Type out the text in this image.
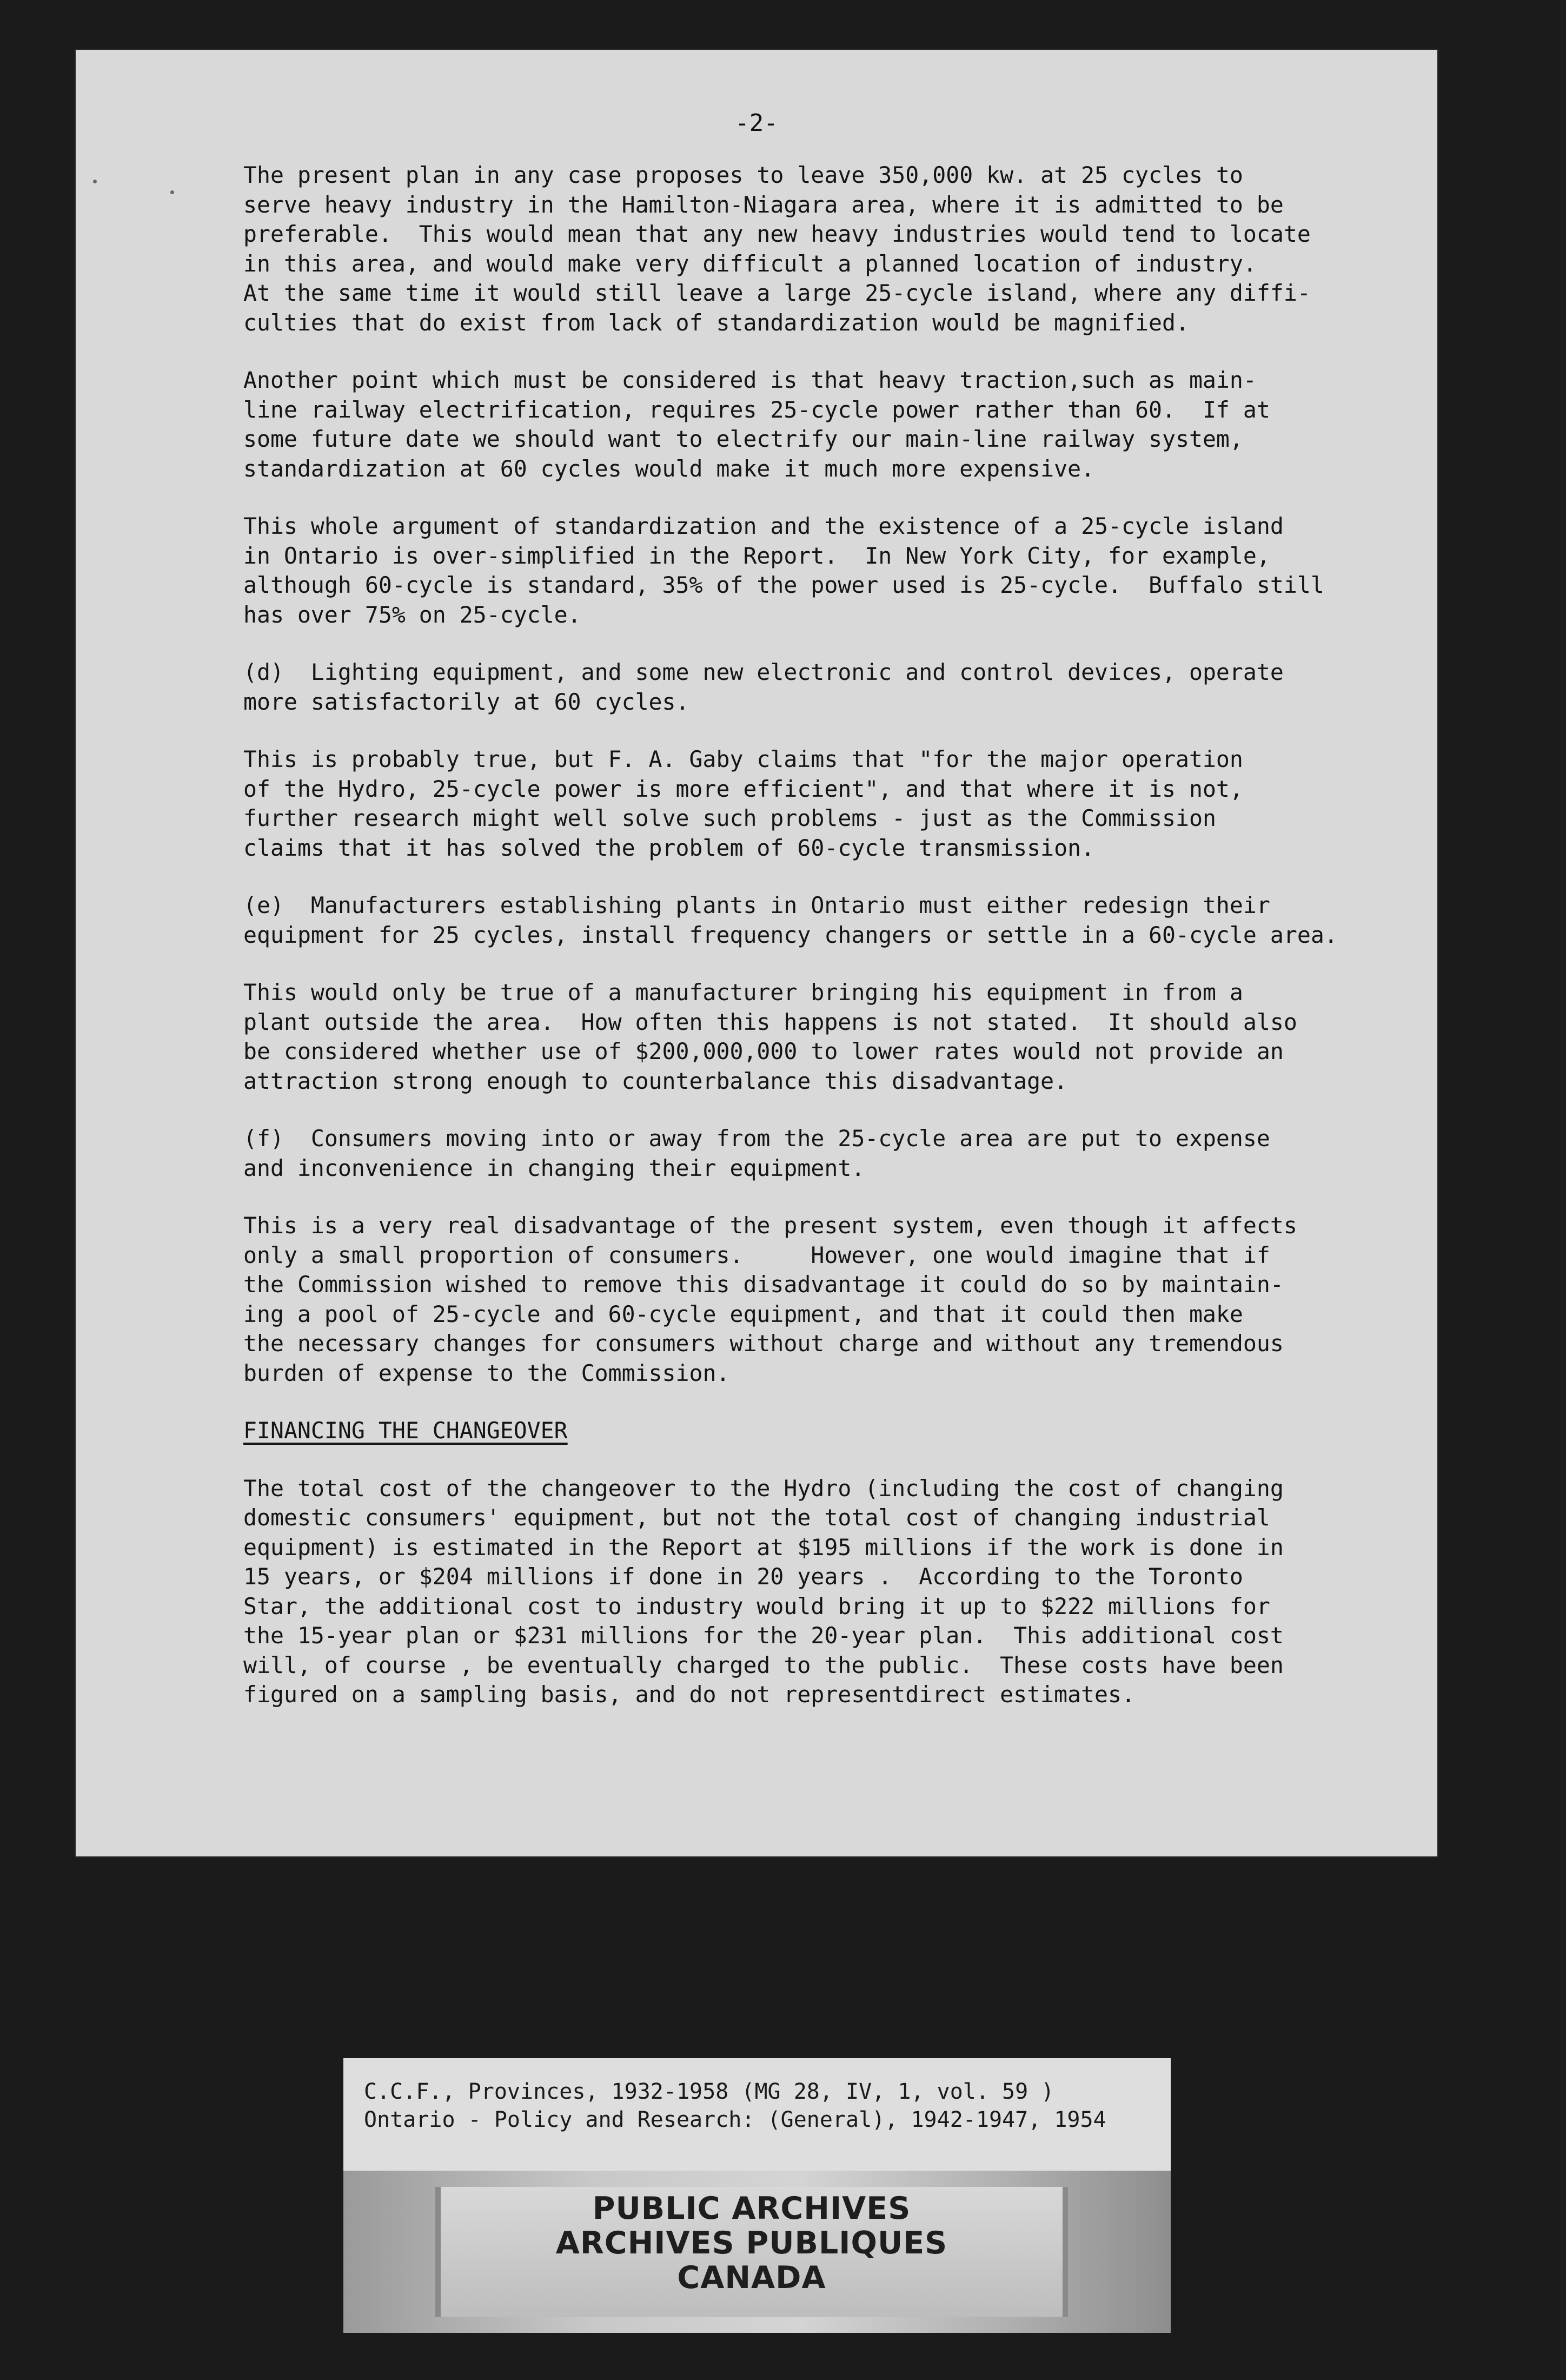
-2-
The present plan in any case proposes to leave 350,000 kw. at 25 cycles to
serve heavy industry in the Hamilton-Niagara area, where it is admitted to be
preferable.  This would mean that any new heavy industries would tend to locate
in this area, and would make very difficult a planned location of industry.
At the same time it would still leave a large 25-cycle island, where any diffi-
culties that do exist from lack of standardization would be magnified.
Another point which must be considered is that heavy traction,such as main-
line railway electrification, requires 25-cycle power rather than 60.  If at
some future date we should want to electrify our main-line railway system,
standardization at 60 cycles would make it much more expensive.
This whole argument of standardization and the existence of a 25-cycle island
in Ontario is over-simplified in the Report.  In New York City, for example,
although 60-cycle is standard, 35% of the power used is 25-cycle.  Buffalo still
has over 75% on 25-cycle.
(d)  Lighting equipment, and some new electronic and control devices, operate
more satisfactorily at 60 cycles.
This is probably true, but F. A. Gaby claims that "for the major operation
of the Hydro, 25-cycle power is more efficient", and that where it is not,
further research might well solve such problems - just as the Commission
claims that it has solved the problem of 60-cycle transmission.
(e)  Manufacturers establishing plants in Ontario must either redesign their
equipment for 25 cycles, install frequency changers or settle in a 60-cycle area.
This would only be true of a manufacturer bringing his equipment in from a
plant outside the area.  How often this happens is not stated.  It should also
be considered whether use of $200,000,000 to lower rates would not provide an
attraction strong enough to counterbalance this disadvantage.
(f)  Consumers moving into or away from the 25-cycle area are put to expense
and inconvenience in changing their equipment.
This is a very real disadvantage of the present system, even though it affects
only a small proportion of consumers.     However, one would imagine that if
the Commission wished to remove this disadvantage it could do so by maintain-
ing a pool of 25-cycle and 60-cycle equipment, and that it could then make
the necessary changes for consumers without charge and without any tremendous
burden of expense to the Commission.
FINANCING THE CHANGEOVER
The total cost of the changeover to the Hydro (including the cost of changing
domestic consumers' equipment, but not the total cost of changing industrial
equipment) is estimated in the Report at $195 millions if the work is done in
15 years, or $204 millions if done in 20 years .  According to the Toronto
Star, the additional cost to industry would bring it up to $222 millions for
the 15-year plan or $231 millions for the 20-year plan.  This additional cost
will, of course , be eventually charged to the public.  These costs have been
figured on a sampling basis, and do not representdirect estimates.
C.C.F., Provinces, 1932-1958 (MG 28, IV, 1, vol. 59 )
Ontario - Policy and Research: (General), 1942-1947, 1954
PUBLIC ARCHIVES
ARCHIVES PUBLIQUES
CANADA
